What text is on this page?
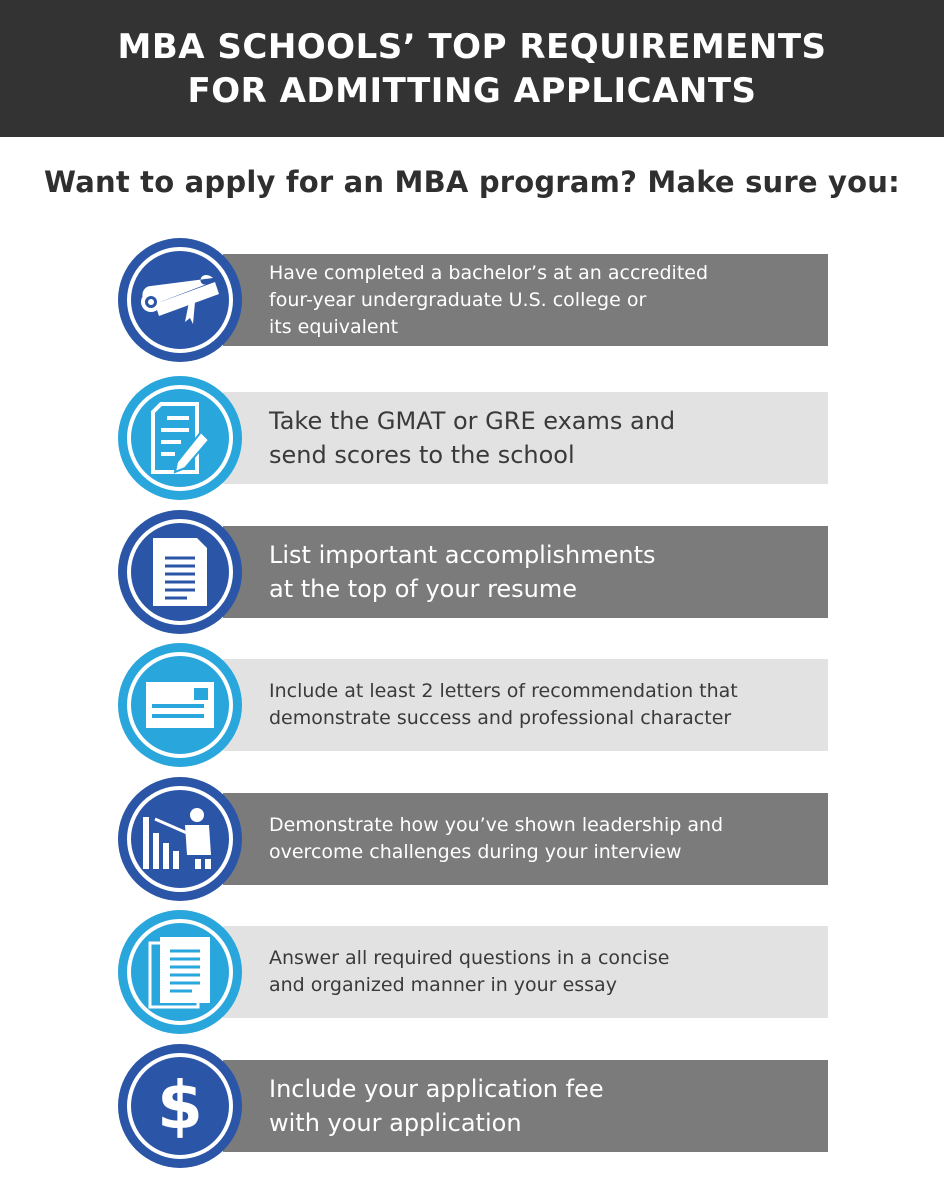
MBA SCHOOLS’ TOP REQUIREMENTS
FOR ADMITTING APPLICANTS
Want to apply for an MBA program? Make sure you:
Have completed a bachelor’s at an accredited
four-year undergraduate U.S. college or
its equivalent
Take the GMAT or GRE exams and
send scores to the school
List important accomplishments
at the top of your resume
Include at least 2 letters of recommendation that
demonstrate success and professional character
Demonstrate how you’ve shown leadership and
overcome challenges during your interview
Answer all required questions in a concise
and organized manner in your essay
Include your application fee
with your application
$
